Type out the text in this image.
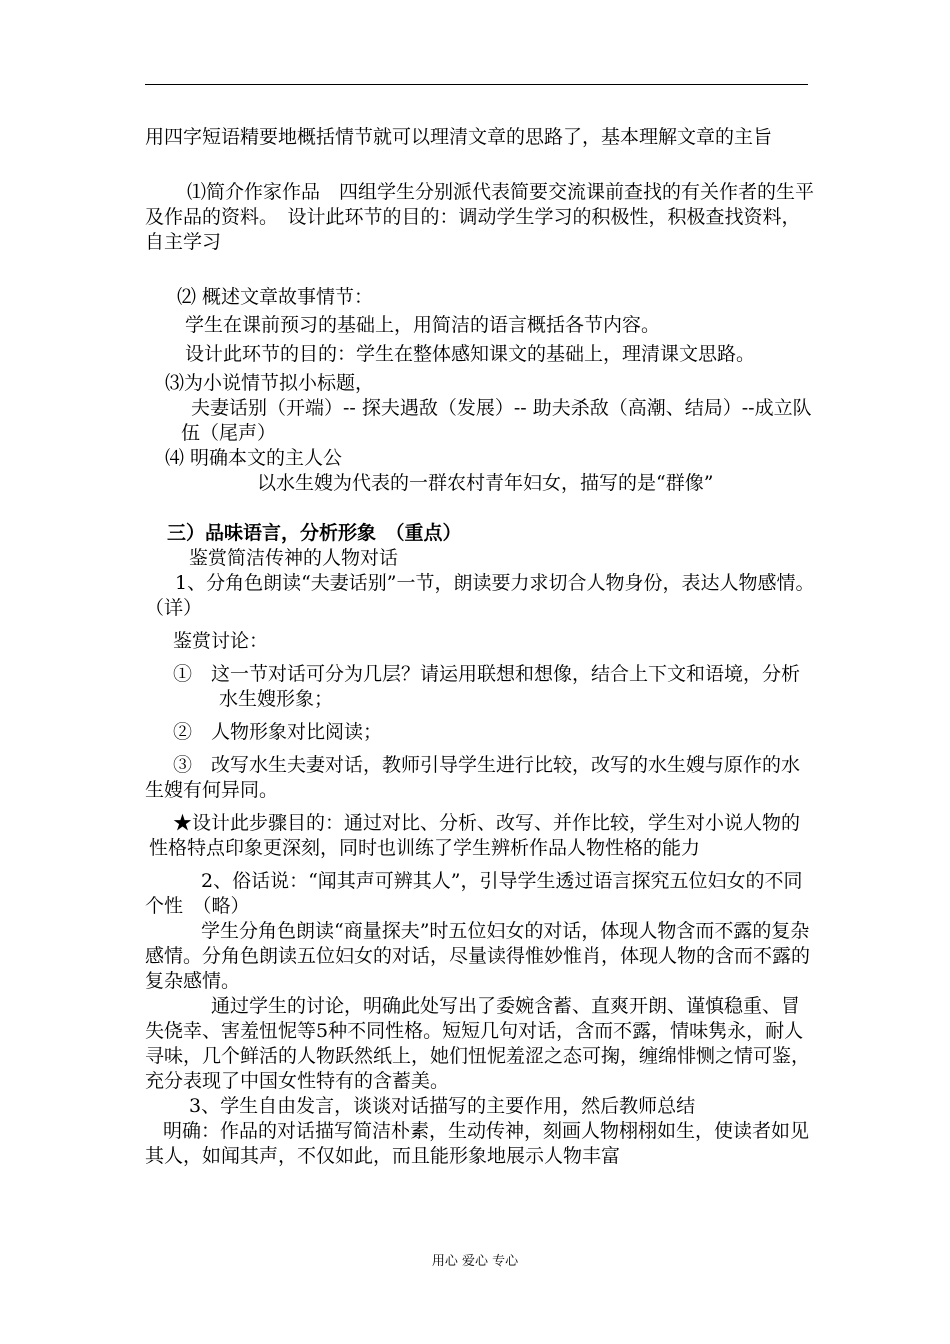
用四字短语精要地概括情节就可以理清文章的思路了，基本理解文章的主旨

⑴简介作家作品　四组学生分别派代表简要交流课前查找的有关作者的生平及作品的资料。　设计此环节的目的：调动学生学习的积极性，积极查找资料，自主学习

⑵ 概述文章故事情节：

学生在课前预习的基础上，用简洁的语言概括各节内容。

设计此环节的目的：学生在整体感知课文的基础上，理清课文思路。

⑶为小说情节拟小标题，

夫妻话别（开端）-- 探夫遇敌（发展）-- 助夫杀敌（高潮、结局）--成立队伍（尾声）

⑷ 明确本文的主人公

以水生嫂为代表的一群农村青年妇女，描写的是“群像”

三）品味语言，分析形象　（重点）

鉴赏简洁传神的人物对话

1、分角色朗读“夫妻话别”一节，朗读要力求切合人物身份，表达人物感情。（详）

鉴赏讨论：

①　这一节对话可分为几层？请运用联想和想像，结合上下文和语境，分析水生嫂形象；

②　人物形象对比阅读；

③　改写水生夫妻对话，教师引导学生进行比较，改写的水生嫂与原作的水生嫂有何异同。

★设计此步骤目的：通过对比、分析、改写、并作比较，学生对小说人物的性格特点印象更深刻，同时也训练了学生辨析作品人物性格的能力

2、俗话说：“闻其声可辨其人”，引导学生透过语言探究五位妇女的不同个性　（略）

学生分角色朗读“商量探夫”时五位妇女的对话，体现人物含而不露的复杂感情。分角色朗读五位妇女的对话，尽量读得惟妙惟肖，体现人物的含而不露的复杂感情。

通过学生的讨论，明确此处写出了委婉含蓄、直爽开朗、谨慎稳重、冒失侥幸、害羞忸怩等5种不同性格。短短几句对话，含而不露，情味隽永，耐人寻味，几个鲜活的人物跃然纸上，她们忸怩羞涩之态可掬，缠绵悱恻之情可鉴，充分表现了中国女性特有的含蓄美。

3、学生自由发言，谈谈对话描写的主要作用，然后教师总结

明确：作品的对话描写简洁朴素，生动传神，刻画人物栩栩如生，使读者如见其人，如闻其声，不仅如此，而且能形象地展示人物丰富

用心 爱心 专心
